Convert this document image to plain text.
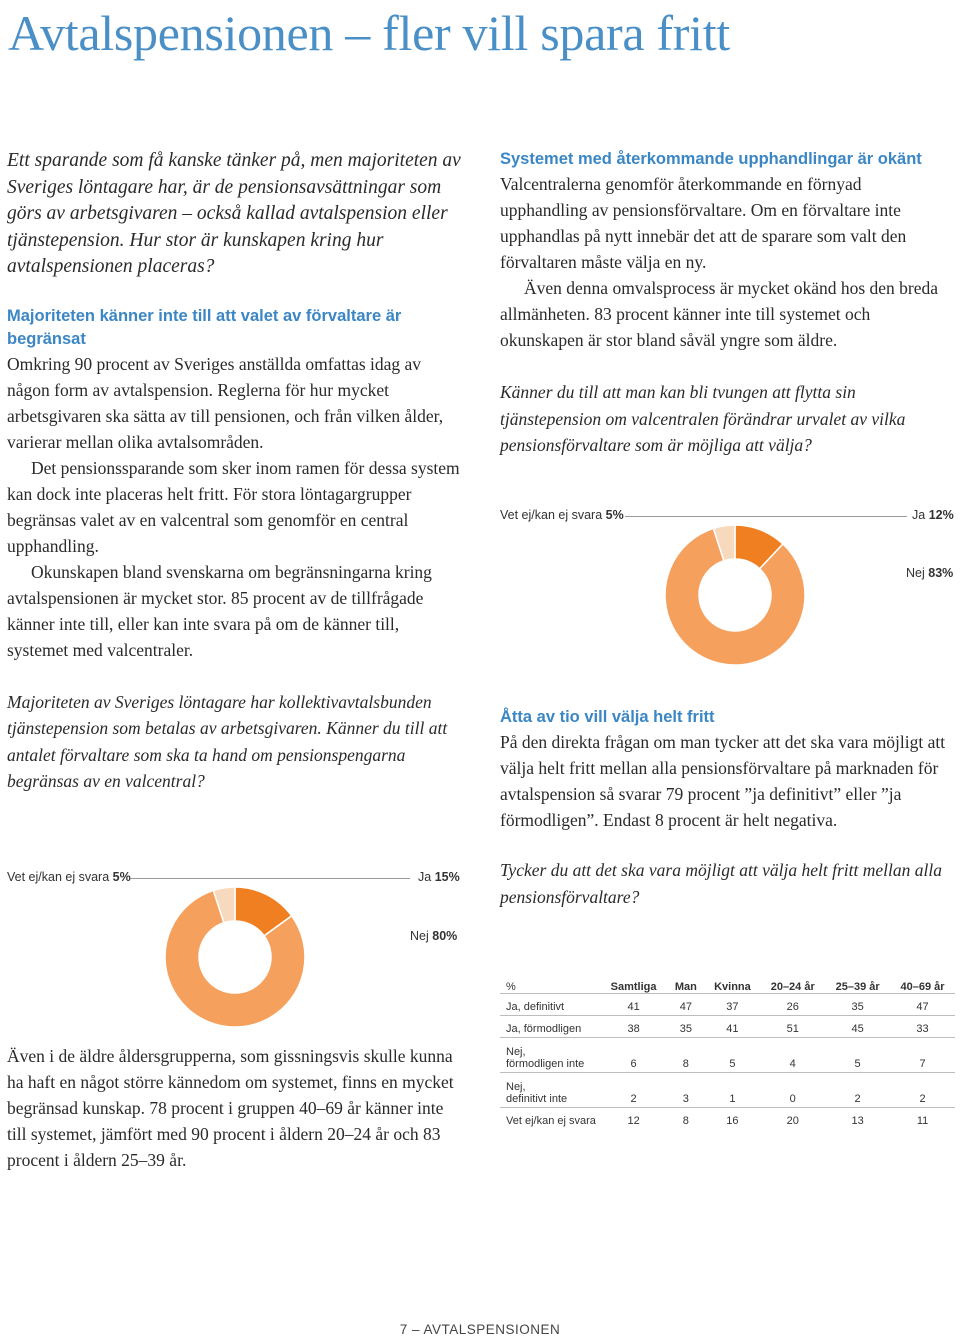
Avtalspensionen – fler vill spara fritt

Ett sparande som få kanske tänker på, men majoriteten av Sveriges löntagare har, är de pensionsavsättningar som görs av arbetsgivaren – också kallad avtalspension eller tjänstepension. Hur stor är kunskapen kring hur avtalspensionen placeras?

Majoriteten känner inte till att valet av förvaltare är begränsat

Omkring 90 procent av Sveriges anställda omfattas idag av någon form av avtalspension. Reglerna för hur mycket arbetsgivaren ska sätta av till pensionen, och från vilken ålder, varierar mellan olika avtalsområden.

Det pensionssparande som sker inom ramen för dessa system kan dock inte placeras helt fritt. För stora löntagargrupper begränsas valet av en valcentral som genomför en central upphandling.

Okunskapen bland svenskarna om begränsningarna kring avtalspensionen är mycket stor. 85 procent av de tillfrågade känner inte till, eller kan inte svara på om de känner till, systemet med valcentraler.

Majoriteten av Sveriges löntagare har kollektivavtalsbunden tjänstepension som betalas av arbetsgivaren. Känner du till att antalet förvaltare som ska ta hand om pensionspengarna begränsas av en valcentral?

Vet ej/kan ej svara 5%	Ja 15%
Nej 80%

Även i de äldre åldersgrupperna, som gissningsvis skulle kunna ha haft en något större kännedom om systemet, finns en mycket begränsad kunskap. 78 procent i gruppen 40–69 år känner inte till systemet, jämfört med 90 procent i åldern 20–24 år och 83 procent i åldern 25–39 år.

Systemet med återkommande upphandlingar är okänt

Valcentralerna genomför återkommande en förnyad upphandling av pensionsförvaltare. Om en förvaltare inte upphandlas på nytt innebär det att de sparare som valt den förvaltaren måste välja en ny.

Även denna omvalsprocess är mycket okänd hos den breda allmänheten. 83 procent känner inte till systemet och okunskapen är stor bland såväl yngre som äldre.

Känner du till att man kan bli tvungen att flytta sin tjänstepension om valcentralen förändrar urvalet av vilka pensionsförvaltare som är möjliga att välja?

Vet ej/kan ej svara 5%	Ja 12%
Nej 83%

Åtta av tio vill välja helt fritt

På den direkta frågan om man tycker att det ska vara möjligt att välja helt fritt mellan alla pensionsförvaltare på marknaden för avtalspension så svarar 79 procent ”ja definitivt” eller ”ja förmodligen”. Endast 8 procent är helt negativa.

Tycker du att det ska vara möjligt att välja helt fritt mellan alla pensionsförvaltare?

%	Samtliga	Man	Kvinna	20–24 år	25–39 år	40–69 år
Ja, definitivt	41	47	37	26	35	47
Ja, förmodligen	38	35	41	51	45	33
Nej,
förmodligen inte	6	8	5	4	5	7
Nej,
definitivt inte	2	3	1	0	2	2
Vet ej/kan ej svara	12	8	16	20	13	11
7 – AVTALSPENSIONEN
